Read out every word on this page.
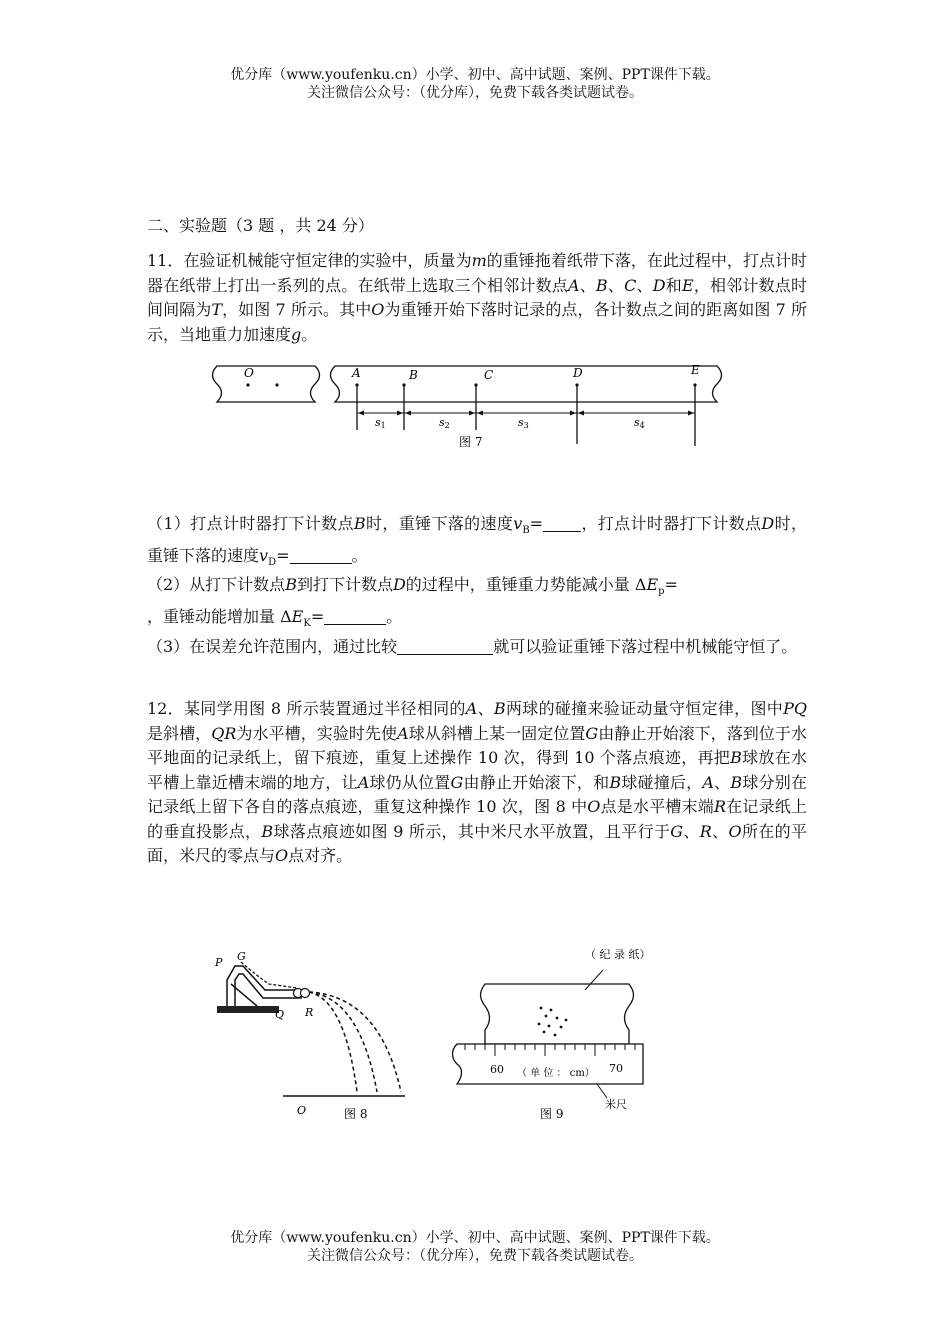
优分库（www.youfenku.cn）小学、初中、高中试题、案例、PPT课件下载。
关注微信公众号：（优分库），免费下载各类试题试卷。
二、实验题（3 题 ，共 24 分）
11．在验证机械能守恒定律的实验中，质量为m的重锤拖着纸带下落，在此过程中，打点计时器在纸带上打出一系列的点。在纸带上选取三个相邻计数点A、B、C、D和E，相邻计数点时间间隔为T，如图 7 所示。其中O为重锤开始下落时记录的点，各计数点之间的距离如图 7 所示，当地重力加速度g。
O	A	B	C	D	E
s1	s2	s3	s4
图 7
（1）打点计时器打下计数点B时，重锤下落的速度$v_B=$ ，打点计时器打下计数点D时，重锤下落的速度$v_D=$	。
（2）从打下计数点B到打下计数点D的过程中，重锤重力势能减小量 $\Delta E_p=$
，重锤动能增加量 $\Delta E_K=$	。
（3）在误差允许范围内，通过比较	就可以验证重锤下落过程中机械能守恒了。
12．某同学用图 8 所示装置通过半径相同的A、B两球的碰撞来验证动量守恒定律，图中PQ是斜槽，QR为水平槽，实验时先使A球从斜槽上某一固定位置G由静止开始滚下，落到位于水平地面的记录纸上，留下痕迹，重复上述操作 10 次，得到 10 个落点痕迹，再把B球放在水平槽上靠近槽末端的地方，让A球仍从位置G由静止开始滚下，和B球碰撞后，A、B球分别在记录纸上留下各自的落点痕迹，重复这种操作 10 次，图 8 中O点是水平槽末端R在记录纸上的垂直投影点，B球落点痕迹如图 9 所示，其中米尺水平放置，且平行于G、R、O所在的平面，米尺的零点与O点对齐。
P G
Q R
O	图 8
（ 纪 录 纸）
60	70
（ 单 位 ： cm）
米尺
图 9
优分库（www.youfenku.cn）小学、初中、高中试题、案例、PPT课件下载。
关注微信公众号：（优分库），免费下载各类试题试卷。
